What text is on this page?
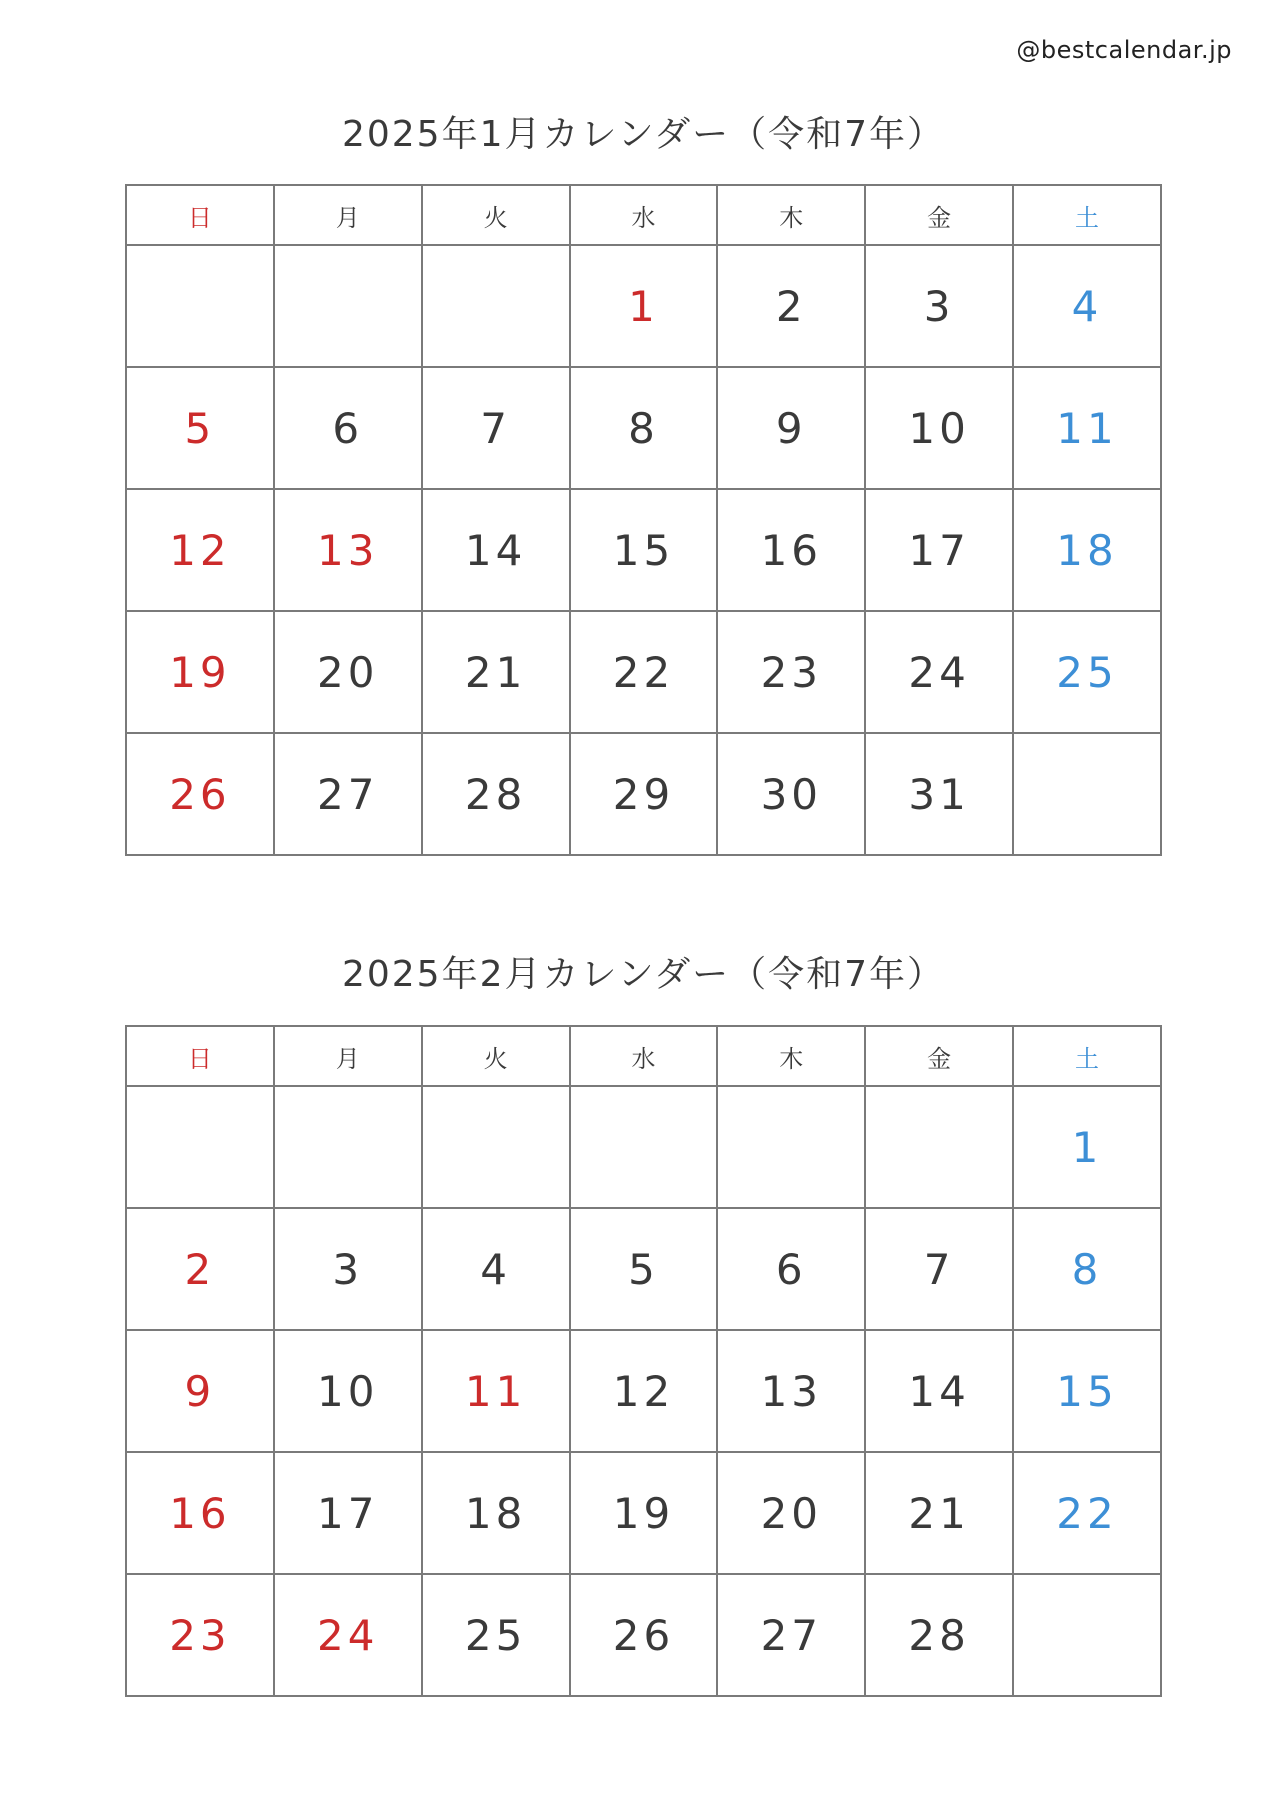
@bestcalendar.jp
2025年1月カレンダー（令和7年）
日	月	火	水	木	金	土
			1	2	3	4
5	6	7	8	9	10	11
12	13	14	15	16	17	18
19	20	21	22	23	24	25
26	27	28	29	30	31	
2025年2月カレンダー（令和7年）
日	月	火	水	木	金	土
						1
2	3	4	5	6	7	8
9	10	11	12	13	14	15
16	17	18	19	20	21	22
23	24	25	26	27	28	
